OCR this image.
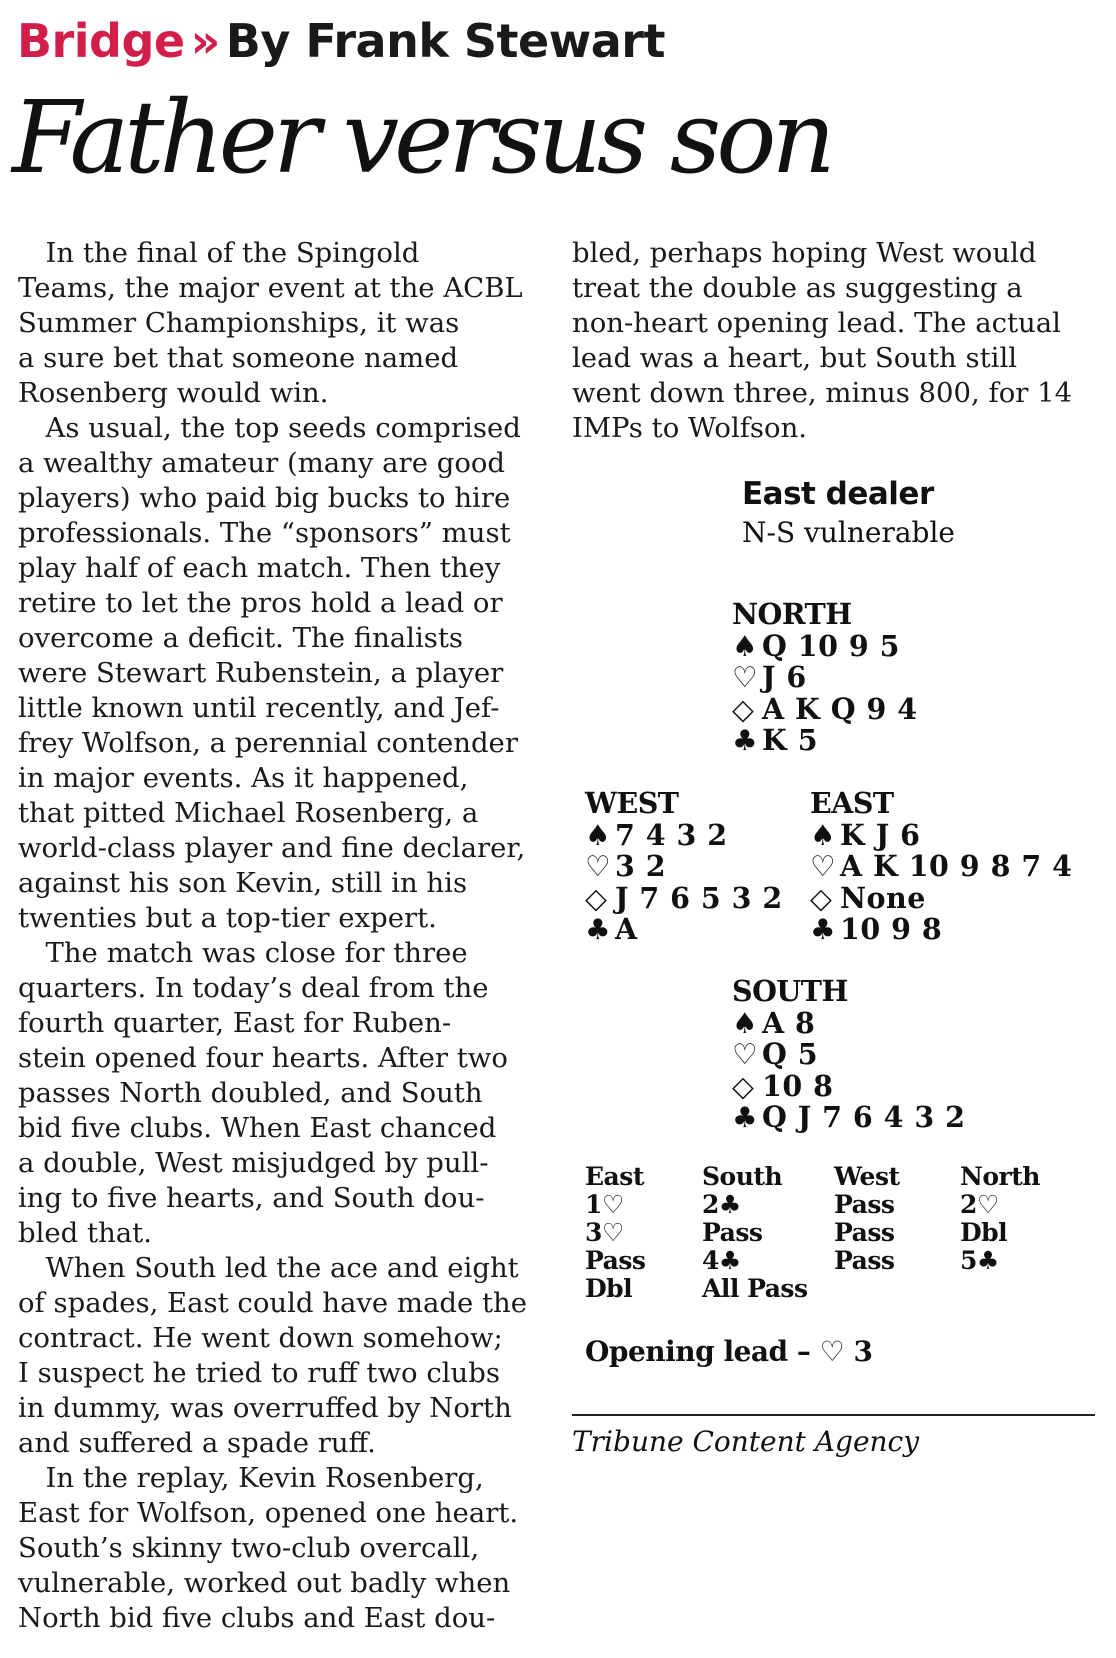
Bridge » By Frank Stewart
Father versus son

 In the final of the Spingold

Teams, the major event at the ACBL

Summer Championships, it was

a sure bet that someone named

Rosenberg would win.

 As usual, the top seeds comprised

a wealthy amateur (many are good

players) who paid big bucks to hire

professionals. The “sponsors” must

play half of each match. Then they

retire to let the pros hold a lead or

overcome a deficit. The finalists

were Stewart Rubenstein, a player

little known until recently, and Jef-

frey Wolfson, a perennial contender

in major events. As it happened,

that pitted Michael Rosenberg, a

world-class player and fine declarer,

against his son Kevin, still in his

twenties but a top-tier expert.

 The match was close for three

quarters. In today’s deal from the

fourth quarter, East for Ruben-

stein opened four hearts. After two

passes North doubled, and South

bid five clubs. When East chanced

a double, West misjudged by pull-

ing to five hearts, and South dou-

bled that.

 When South led the ace and eight

of spades, East could have made the

contract. He went down somehow;

I suspect he tried to ruff two clubs

in dummy, was overruffed by North

and suffered a spade ruff.

 In the replay, Kevin Rosenberg,

East for Wolfson, opened one heart.

South’s skinny two-club overcall,

vulnerable, worked out badly when

North bid five clubs and East dou-

bled, perhaps hoping West would

treat the double as suggesting a

non-heart opening lead. The actual

lead was a heart, but South still

went down three, minus 800, for 14

IMPs to Wolfson.

East dealer
N-S vulnerable
NORTH
♠ Q 10 9 5
♡ J 6
◇ A K Q 9 4
♣ K 5
WEST
♠ 7 4 3 2
♡ 3 2
◇ J 7 6 5 3 2
♣ A
EAST
♠ K J 6
♡ A K 10 9 8 7 4
◇ None
♣ 10 9 8
SOUTH
♠ A 8
♡ Q 5
◇ 10 8
♣ Q J 7 6 4 3 2
East
1♡
3♡
Pass
Dbl
South
2♣
Pass
4♣
All Pass
West
Pass
Pass
Pass
North
2♡
Dbl
5♣
Opening lead – ♡ 3
Tribune Content Agency
